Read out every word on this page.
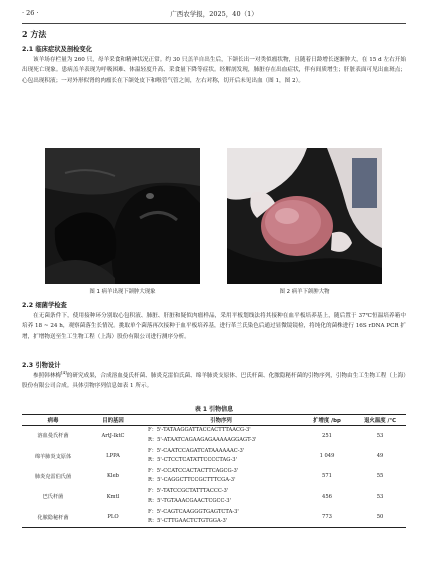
· 26 ·	广西农学报，2025，40（1）
2 方法
2.1 临床症状及剖检变化

该羊场存栏量为 260 只，母羊采食和精神状况正常。约 30 只羔羊自出生后，下颌长出一对类似瘤状物，且随着日龄增长逐渐肿大，在 15 d 左右开始出现死亡现象。患病羔羊表现为呼吸困难、体温轻度升高、采食量下降等症状。经解剖发现，肺脏存在出血症状，伴有间质增生；肝脏表面可见出血斑点；心包出现积液；一对外形似肾的肉瘤长在下颌处皮下和喉管气管之间，左右对称，切开后未见出血（图 1，图 2）。

图 1 病羊出现下颌肿大现象	图 2 病羊下颌肿大物
2.2 细菌学检查

在无菌条件下，使用接种环分别取心包积液、肺脏、肝脏和疑似肉瘤样品，采用平板划线法将其接种在血平板培养基上，随后置于 37℃恒温培养箱中培养 18 ~ 24 h，观察菌落生长情况。挑取单个菌落再次接种于血平板培养基，进行革兰氏染色后通过显微镜镜检，将纯化的菌株进行 16S rDNA PCR 扩增，扩增物送至生工生物工程（上海）股份有限公司进行测序分析。

2.3 引物设计

参照韩林梅[4]的研究成果，合成溶血曼氏杆菌、肺炎克雷伯氏菌、绵羊肺炎支原体、巴氏杆菌、化脓隐秘杆菌的引物序列，引物由生工生物工程（上海）股份有限公司合成。具体引物序列信息如表 1 所示。

表 1 引物信息
病毒	目的基因	引物序列	扩增度 /bp	退火温度 /℃
溶血曼氏杆菌	ArtJ-lktC	F：5'-TATAAGGATTACCACTTTAACG-3'
R：5'-ATAATCAGAAGAGAAAAAGGAGT-3'	251	53
绵羊肺炎支原体	LPPA	F：5'-CAATCCAGATCATAAAAAAC-3'
R：5'-CTCCTCATATTCCCCTAG-3'	1 049	49
肺炎克雷伯氏菌	Kleb	F：5'-CCATCCACTACTTCAGCG-3'
R：5'-CAGGCTTCCGCTTTCGA-3'	571	55
巴氏杆菌	Kmtl	F：5'-TATCCGCTATTTACCC-3'
R：5'-TGTAAACGAACTCGCC-3'	456	53
化脓隐秘杆菌	PLO	F：5'-CAGTCAAGGGTGAGTCTA-3'
R：5'-CTTGAACTCTGTGGA-3'	773	50
